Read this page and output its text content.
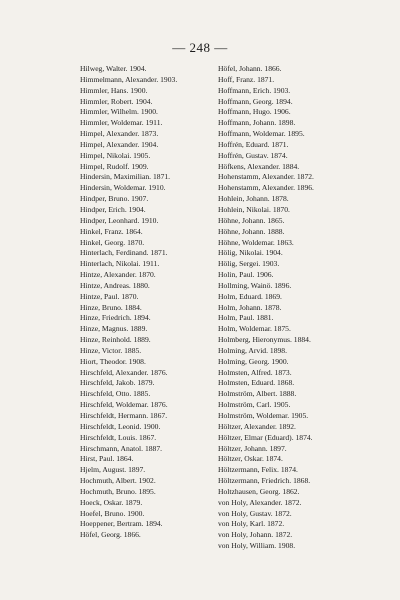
— 248 —
Hilweg, Walter. 1904.
Himmelmann, Alexander. 1903.
Himmler, Hans. 1900.
Himmler, Robert. 1904.
Himmler, Wilhelm. 1900.
Himmler, Woldemar. 1911.
Himpel, Alexander. 1873.
Himpel, Alexander. 1904.
Himpel, Nikolai. 1905.
Himpel, Rudolf. 1909.
Hindersin, Maximilian. 1871.
Hindersin, Woldemar. 1910.
Hindper, Bruno. 1907.
Hindper, Erich. 1904.
Hindper, Leonhard. 1910.
Hinkel, Franz. 1864.
Hinkel, Georg. 1870.
Hinterlach, Ferdinand. 1871.
Hinterlach, Nikolai. 1911.
Hintze, Alexander. 1870.
Hintze, Andreas. 1880.
Hintze, Paul. 1870.
Hinze, Bruno. 1884.
Hinze, Friedrich. 1894.
Hinze, Magnus. 1889.
Hinze, Reinhold. 1889.
Hinze, Victor. 1885.
Hiort, Theodor. 1908.
Hirschfeld, Alexander. 1876.
Hirschfeld, Jakob. 1879.
Hirschfeld, Otto. 1885.
Hirschfeld, Woldemar. 1876.
Hirschfeldt, Hermann. 1867.
Hirschfeldt, Leonid. 1900.
Hirschfeldt, Louis. 1867.
Hirschmann, Anatol. 1887.
Hirst, Paul. 1864.
Hjelm, August. 1897.
Hochmuth, Albert. 1902.
Hochmuth, Bruno. 1895.
Hoeck, Oskar. 1879.
Hoefel, Bruno. 1900.
Hoeppener, Bertram. 1894.
Höfel, Georg. 1866.
Höfel, Johann. 1866.
Hoff, Franz. 1871.
Hoffmann, Erich. 1903.
Hoffmann, Georg. 1894.
Hoffmann, Hugo. 1906.
Hoffmann, Johann. 1898.
Hoffmann, Woldemar. 1895.
Hoffrén, Eduard. 1871.
Hoffrén, Gustav. 1874.
Höfkens, Alexander. 1884.
Hohenstamm, Alexander. 1872.
Hohenstamm, Alexander. 1896.
Hohlein, Johann. 1878.
Hohlein, Nikolai. 1870.
Höhne, Johann. 1865.
Höhne, Johann. 1888.
Höhne, Woldemar. 1863.
Hölig, Nikolai. 1904.
Hölig, Sergei. 1903.
Holin, Paul. 1906.
Hollming, Wainö. 1896.
Holm, Eduard. 1869.
Holm, Johann. 1878.
Holm, Paul. 1881.
Holm, Woldemar. 1875.
Holmberg, Hieronymus. 1884.
Holming, Arvid. 1898.
Holming, Georg. 1900.
Holmsten, Alfred. 1873.
Holmsten, Eduard. 1868.
Holmström, Albert. 1888.
Holmström, Carl. 1905.
Holmström, Woldemar. 1905.
Höltzer, Alexander. 1892.
Höltzer, Elmar (Eduard). 1874.
Höltzer, Johann. 1897.
Höltzer, Oskar. 1874.
Höltzermann, Felix. 1874.
Höltzermann, Friedrich. 1868.
Holtzhausen, Georg. 1862.
von Holy, Alexander. 1872.
von Holy, Gustav. 1872.
von Holy, Karl. 1872.
von Holy, Johann. 1872.
von Holy, William. 1908.
